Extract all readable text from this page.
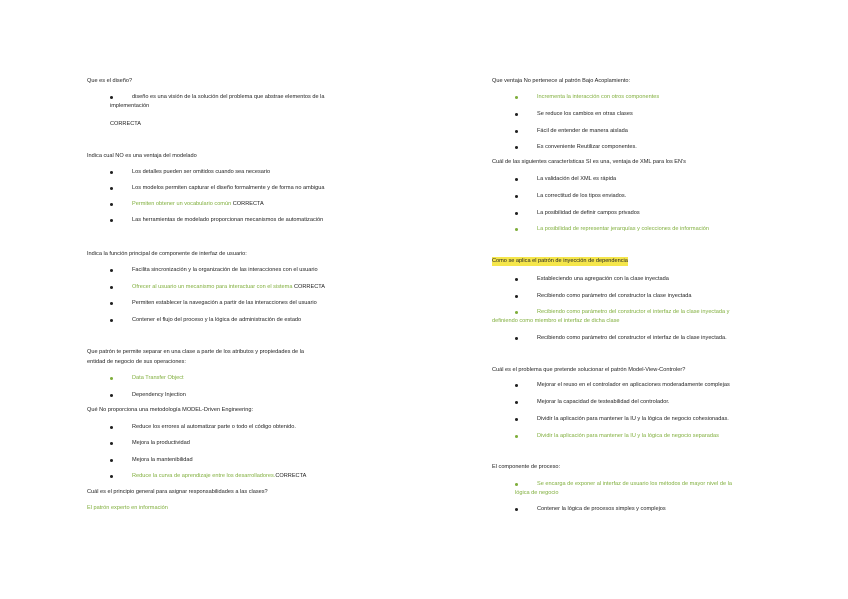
Que es el diseño?
diseño es una visión de la solución del problema que abstrae elementos de la implementación
CORRECTA
Indica cual NO es una ventaja del modelado
Los detalles pueden ser omitidos cuando sea necesario
Los modelos permiten capturar el diseño formalmente y de forma no ambigua
Permiten obtener un vocabulario común CORRECTA
Las herramientas de modelado proporcionan mecanismos de automatización
Indica la función principal de componente de interfaz de usuario:
Facilita sincronización y la organización de las interacciones con el usuario
Ofrecer al usuario un mecanismo para interactuar con el sistema CORRECTA
Permiten establecer la navegación a partir de las interacciones del usuario
Contener el flujo del proceso y la lógica de administración de estado
Que patrón te permite separar en una clase a parte de los atributos y propiedades de la
entidad de negocio de sus operaciones:
Data Transfer Object
Dependency Injection
Qué No proporciona una metodología MODEL-Driven Engineering:
Reduce los errores al automatizar parte o todo el código obtenido.
Mejora la productividad
Mejora la mantenibilidad
Reduce la curva de aprendizaje entre los desarrolladores.CORRECTA
Cuál es el principio general para asignar responsabilidades a las clases?
El patrón experto en información
Que ventaja No pertenece al patrón Bajo Acoplamiento:
Incrementa la interacción con otros componentes
Se reduce los cambios en otras clases
Fácil de entender de manera aislada
Es conveniente Reutilizar componentes.
Cuál de las siguientes características SI es una, ventaja de XML para los EN's
La validación del XML es rápida
La correctitud de los tipos enviados.
La posibilidad de definir campos privados
La posibilidad de representar jerarquías y colecciones de información
Como se aplica el patrón de inyección de dependencia
Estableciendo una agregación con la clase inyectada
Recibiendo como parámetro del constructor la clase inyectada
Recibiendo como parámetro del constructor el interfaz de la clase inyectada y
definiendo como miembro el interfaz de dicha clase
Recibiendo como parámetro del constructor el interfaz de la clase inyectada.
Cuál es el problema que pretende solucionar el patrón Model-View-Controler?
Mejorar el reuso en el controlador en aplicaciones moderadamente complejas
Mejorar la capacidad de testeabilidad del controlador.
Dividir la aplicación para mantener la IU y la lógica de negocio cohesionadas.
Dividir la aplicación para mantener la IU y la lógica de negocio separadas
El componente de proceso:
Se encarga de exponer al interfaz de usuario los métodos de mayor nivel de la
lógica de negocio
Contener la lógica de procesos simples y complejos
